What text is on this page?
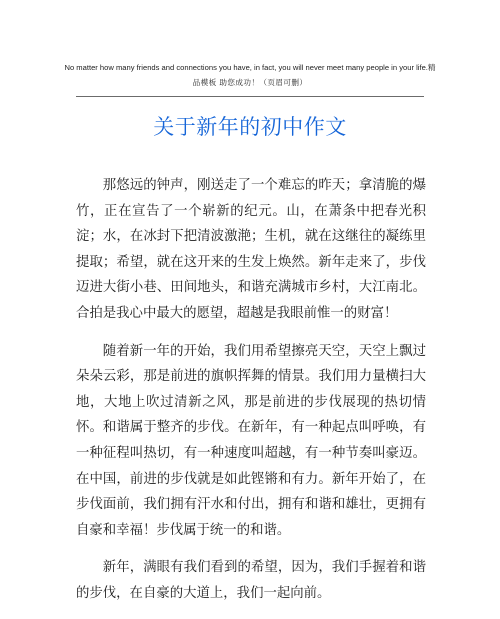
No matter how many friends and connections you have, in fact, you will never meet many people in your life.精
品模板 助您成功！（页眉可删）
关于新年的初中作文

那悠远的钟声，刚送走了一个难忘的昨天；拿清脆的爆竹，正在宣告了一个崭新的纪元。山，在萧条中把春光积淀；水，在冰封下把清波激滟；生机，就在这继往的凝练里提取；希望，就在这开来的生发上焕然。新年走来了，步伐迈进大街小巷、田间地头，和谐充满城市乡村，大江南北。合拍是我心中最大的愿望，超越是我眼前惟一的财富！

随着新一年的开始，我们用希望擦亮天空，天空上飘过朵朵云彩，那是前进的旗帜挥舞的情景。我们用力量横扫大地，大地上吹过清新之风，那是前进的步伐展现的热切情怀。和谐属于整齐的步伐。在新年，有一种起点叫呼唤，有一种征程叫热切，有一种速度叫超越，有一种节奏叫豪迈。在中国，前进的步伐就是如此铿锵和有力。新年开始了，在步伐面前，我们拥有汗水和付出，拥有和谐和雄壮，更拥有自豪和幸福！步伐属于统一的和谐。

新年，满眼有我们看到的希望，因为，我们手握着和谐的步伐，在自豪的大道上，我们一起向前。
